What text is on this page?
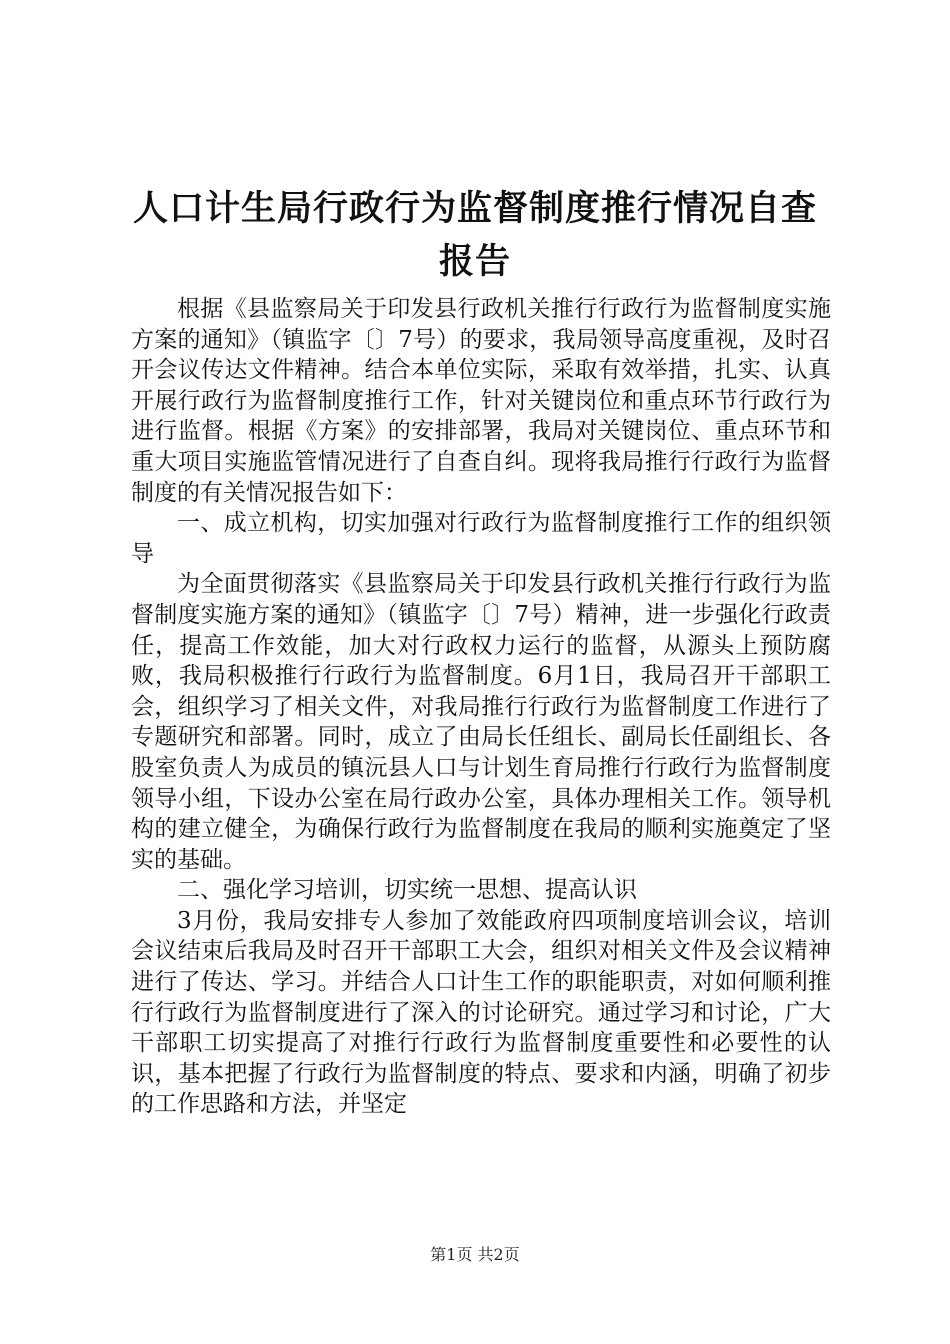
人口计生局行政行为监督制度推行情况自查报告

根据《县监察局关于印发县行政机关推行行政行为监督制度实施方案的通知》（镇监字〔〕7号）的要求，我局领导高度重视，及时召开会议传达文件精神。结合本单位实际，采取有效举措，扎实、认真开展行政行为监督制度推行工作，针对关键岗位和重点环节行政行为进行监督。根据《方案》的安排部署，我局对关键岗位、重点环节和重大项目实施监管情况进行了自查自纠。现将我局推行行政行为监督制度的有关情况报告如下：

一、成立机构，切实加强对行政行为监督制度推行工作的组织领导

为全面贯彻落实《县监察局关于印发县行政机关推行行政行为监督制度实施方案的通知》（镇监字〔〕7号）精神，进一步强化行政责任，提高工作效能，加大对行政权力运行的监督，从源头上预防腐败，我局积极推行行政行为监督制度。6月1日，我局召开干部职工会，组织学习了相关文件，对我局推行行政行为监督制度工作进行了专题研究和部署。同时，成立了由局长任组长、副局长任副组长、各股室负责人为成员的镇沅县人口与计划生育局推行行政行为监督制度领导小组，下设办公室在局行政办公室，具体办理相关工作。领导机构的建立健全，为确保行政行为监督制度在我局的顺利实施奠定了坚实的基础。

二、强化学习培训，切实统一思想、提高认识

3月份，我局安排专人参加了效能政府四项制度培训会议，培训会议结束后我局及时召开干部职工大会，组织对相关文件及会议精神进行了传达、学习。并结合人口计生工作的职能职责，对如何顺利推行行政行为监督制度进行了深入的讨论研究。通过学习和讨论，广大干部职工切实提高了对推行行政行为监督制度重要性和必要性的认识，基本把握了行政行为监督制度的特点、要求和内涵，明确了初步的工作思路和方法，并坚定

第1页 共2页
